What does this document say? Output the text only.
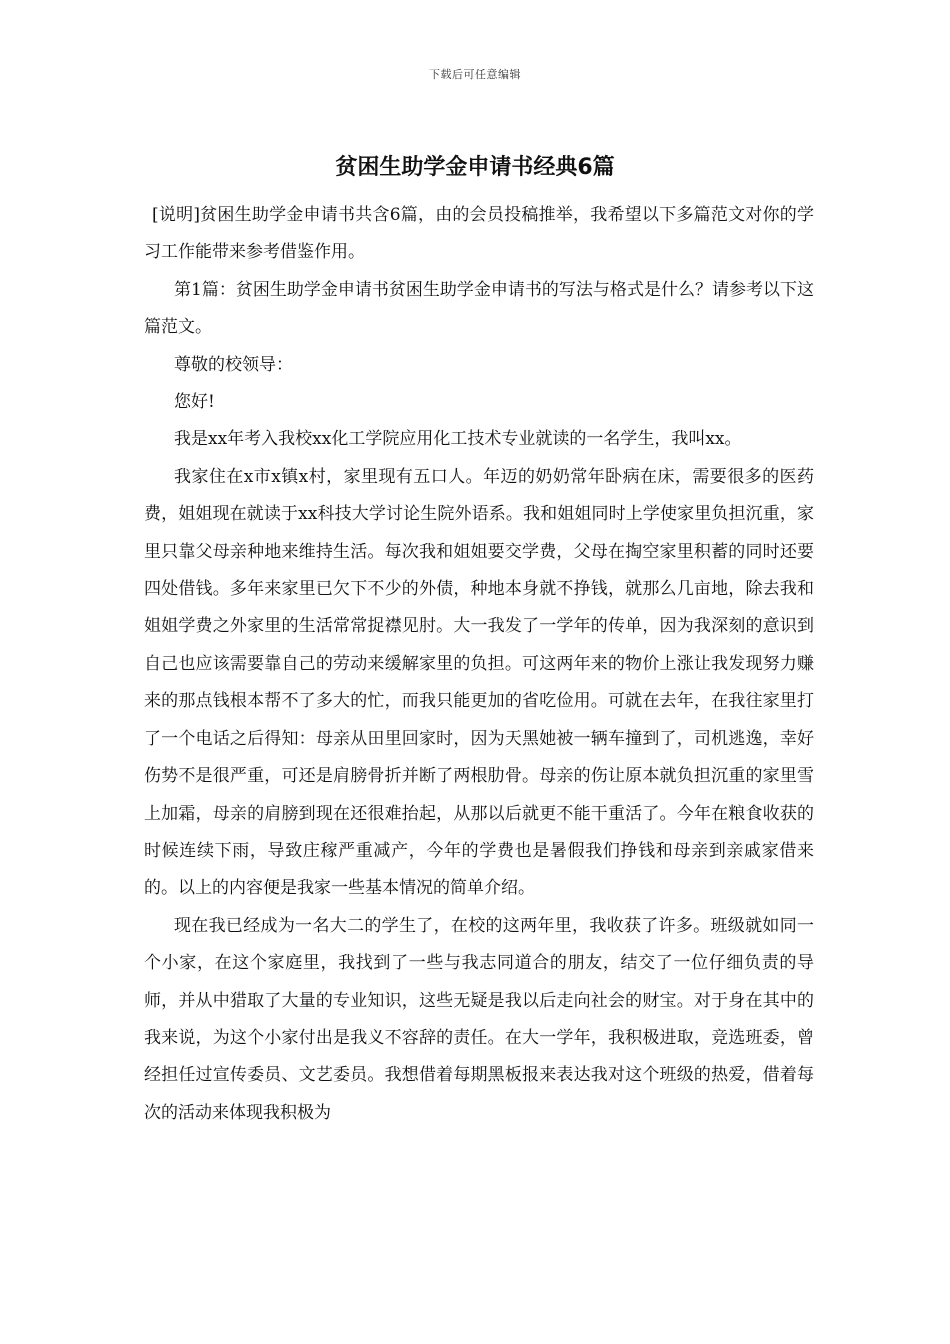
下载后可任意编辑
贫困生助学金申请书经典6篇

[说明]贫困生助学金申请书共含6篇，由的会员投稿推举，我希望以下多篇范文对你的学习工作能带来参考借鉴作用。

第1篇：贫困生助学金申请书贫困生助学金申请书的写法与格式是什么？请参考以下这篇范文。

尊敬的校领导：

您好!

我是xx年考入我校xx化工学院应用化工技术专业就读的一名学生，我叫xx。

我家住在x市x镇x村，家里现有五口人。年迈的奶奶常年卧病在床，需要很多的医药费，姐姐现在就读于xx科技大学讨论生院外语系。我和姐姐同时上学使家里负担沉重，家里只靠父母亲种地来维持生活。每次我和姐姐要交学费，父母在掏空家里积蓄的同时还要四处借钱。多年来家里已欠下不少的外债，种地本身就不挣钱，就那么几亩地，除去我和姐姐学费之外家里的生活常常捉襟见肘。大一我发了一学年的传单，因为我深刻的意识到自己也应该需要靠自己的劳动来缓解家里的负担。可这两年来的物价上涨让我发现努力赚来的那点钱根本帮不了多大的忙，而我只能更加的省吃俭用。可就在去年，在我往家里打了一个电话之后得知：母亲从田里回家时，因为天黑她被一辆车撞到了，司机逃逸，幸好伤势不是很严重，可还是肩膀骨折并断了两根肋骨。母亲的伤让原本就负担沉重的家里雪上加霜，母亲的肩膀到现在还很难抬起，从那以后就更不能干重活了。今年在粮食收获的时候连续下雨，导致庄稼严重减产，今年的学费也是暑假我们挣钱和母亲到亲戚家借来的。以上的内容便是我家一些基本情况的简单介绍。

现在我已经成为一名大二的学生了，在校的这两年里，我收获了许多。班级就如同一个小家，在这个家庭里，我找到了一些与我志同道合的朋友，结交了一位仔细负责的导师，并从中猎取了大量的专业知识，这些无疑是我以后走向社会的财宝。对于身在其中的我来说，为这个小家付出是我义不容辞的责任。在大一学年，我积极进取，竞选班委，曾经担任过宣传委员、文艺委员。我想借着每期黑板报来表达我对这个班级的热爱，借着每次的活动来体现我积极为
